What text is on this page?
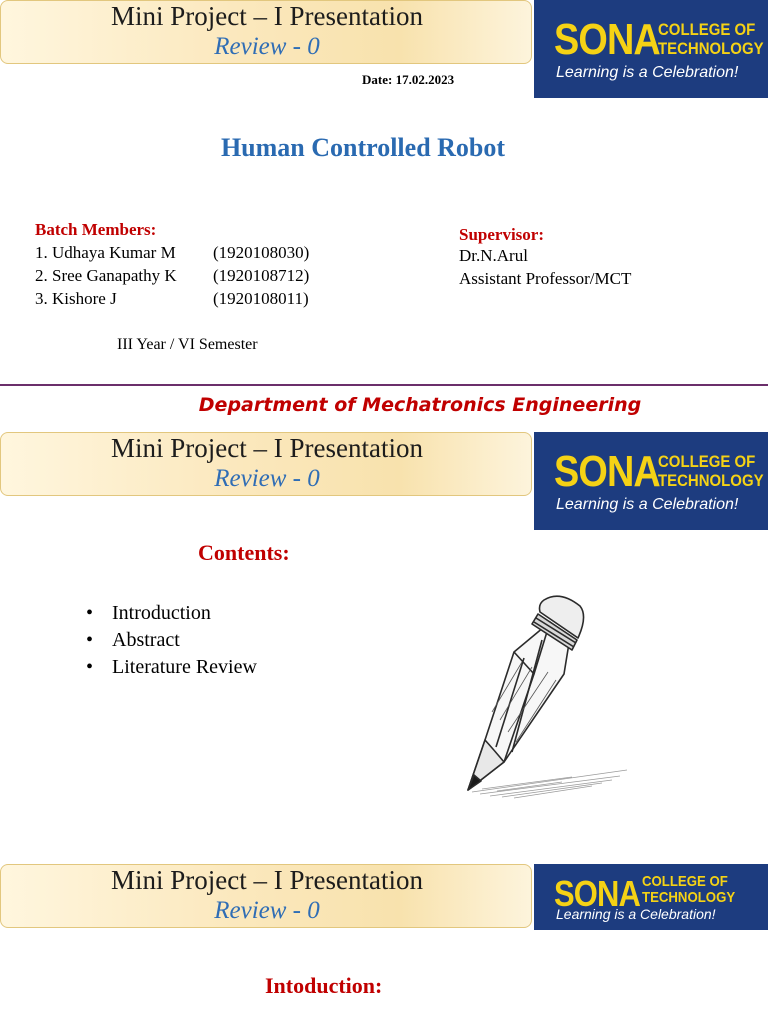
Mini Project – I Presentation
Review - 0	SONA
COLLEGE OF
TECHNOLOGY
Learning is a Celebration!
Date: 17.02.2023
Human Controlled Robot
Batch Members:
1. Udhaya Kumar M (1920108030)
2. Sree Ganapathy K (1920108712)
3. Kishore J	(1920108011)
Supervisor:
Dr.N.Arul
Assistant Professor/MCT
III Year / VI Semester
Department of Mechatronics Engineering
Mini Project – I Presentation
Review - 0	SONA
COLLEGE OF
TECHNOLOGY
Learning is a Celebration!
Contents:
• Introduction
• Abstract
• Literature Review
Mini Project – I Presentation
Review - 0	SONA COLLEGE OF
TECHNOLOGY
Learning is a Celebration!
Intoduction:
